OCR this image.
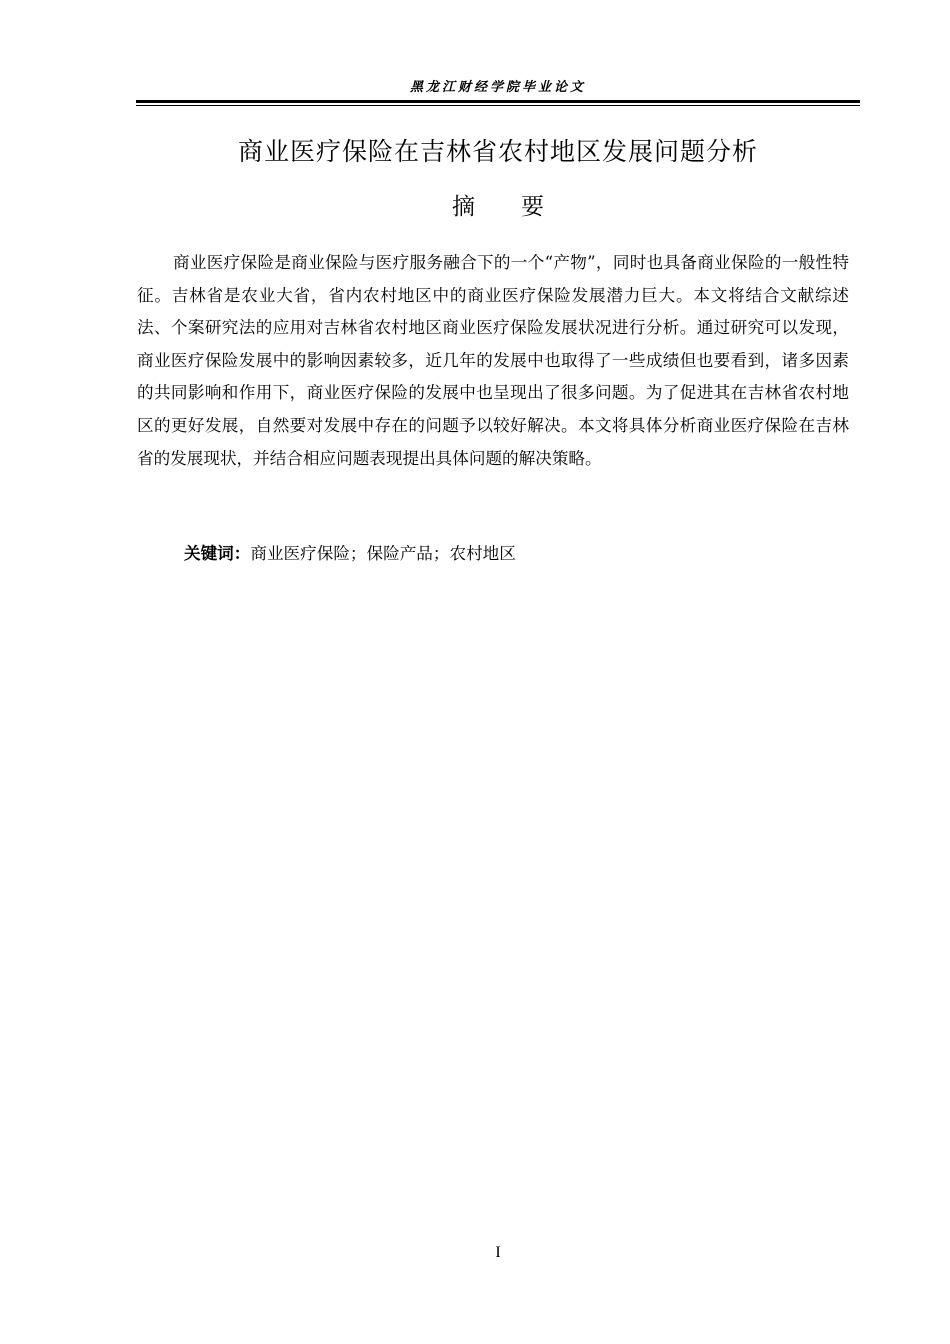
黑龙江财经学院毕业论文
商业医疗保险在吉林省农村地区发展问题分析
摘要

商业医疗保险是商业保险与医疗服务融合下的一个“产物”，同时也具备商业保险的一般性特征。吉林省是农业大省，省内农村地区中的商业医疗保险发展潜力巨大。本文将结合文献综述法、个案研究法的应用对吉林省农村地区商业医疗保险发展状况进行分析。通过研究可以发现，商业医疗保险发展中的影响因素较多，近几年的发展中也取得了一些成绩但也要看到，诸多因素的共同影响和作用下，商业医疗保险的发展中也呈现出了很多问题。为了促进其在吉林省农村地区的更好发展，自然要对发展中存在的问题予以较好解决。本文将具体分析商业医疗保险在吉林省的发展现状，并结合相应问题表现提出具体问题的解决策略。

关键词：商业医疗保险；保险产品；农村地区
I
